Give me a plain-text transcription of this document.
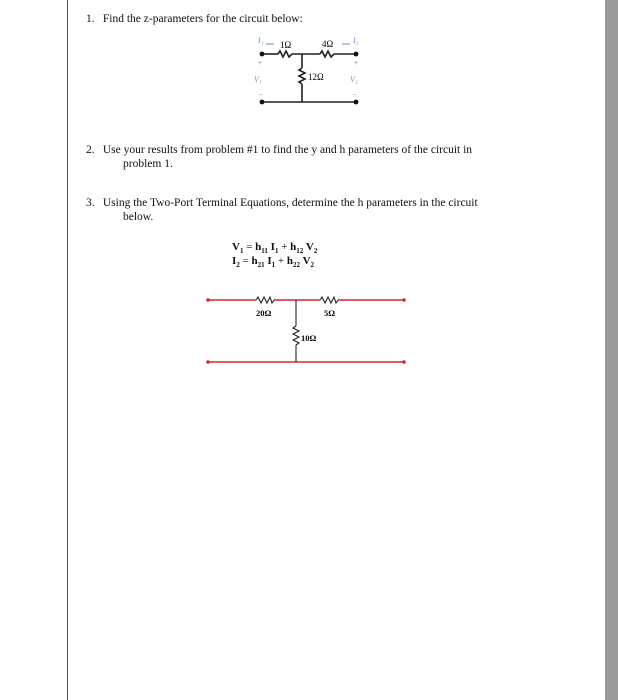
1. Find the z-parameters for the circuit below:
I₁	I₂
1Ω	4Ω
12Ω
+	+
V₁	V₂
−	−
2. Use your results from problem #1 to find the y and h parameters of the circuit in
problem 1.
3. Using the Two-Port Terminal Equations, determine the h parameters in the circuit
below.
$V_1 = h_{11}$ $I_1 + h_{12}$ $V_2$
$I_2 = h_{21}$ $I_1 + h_{22}$ $V_2$
20Ω	5Ω
10Ω
